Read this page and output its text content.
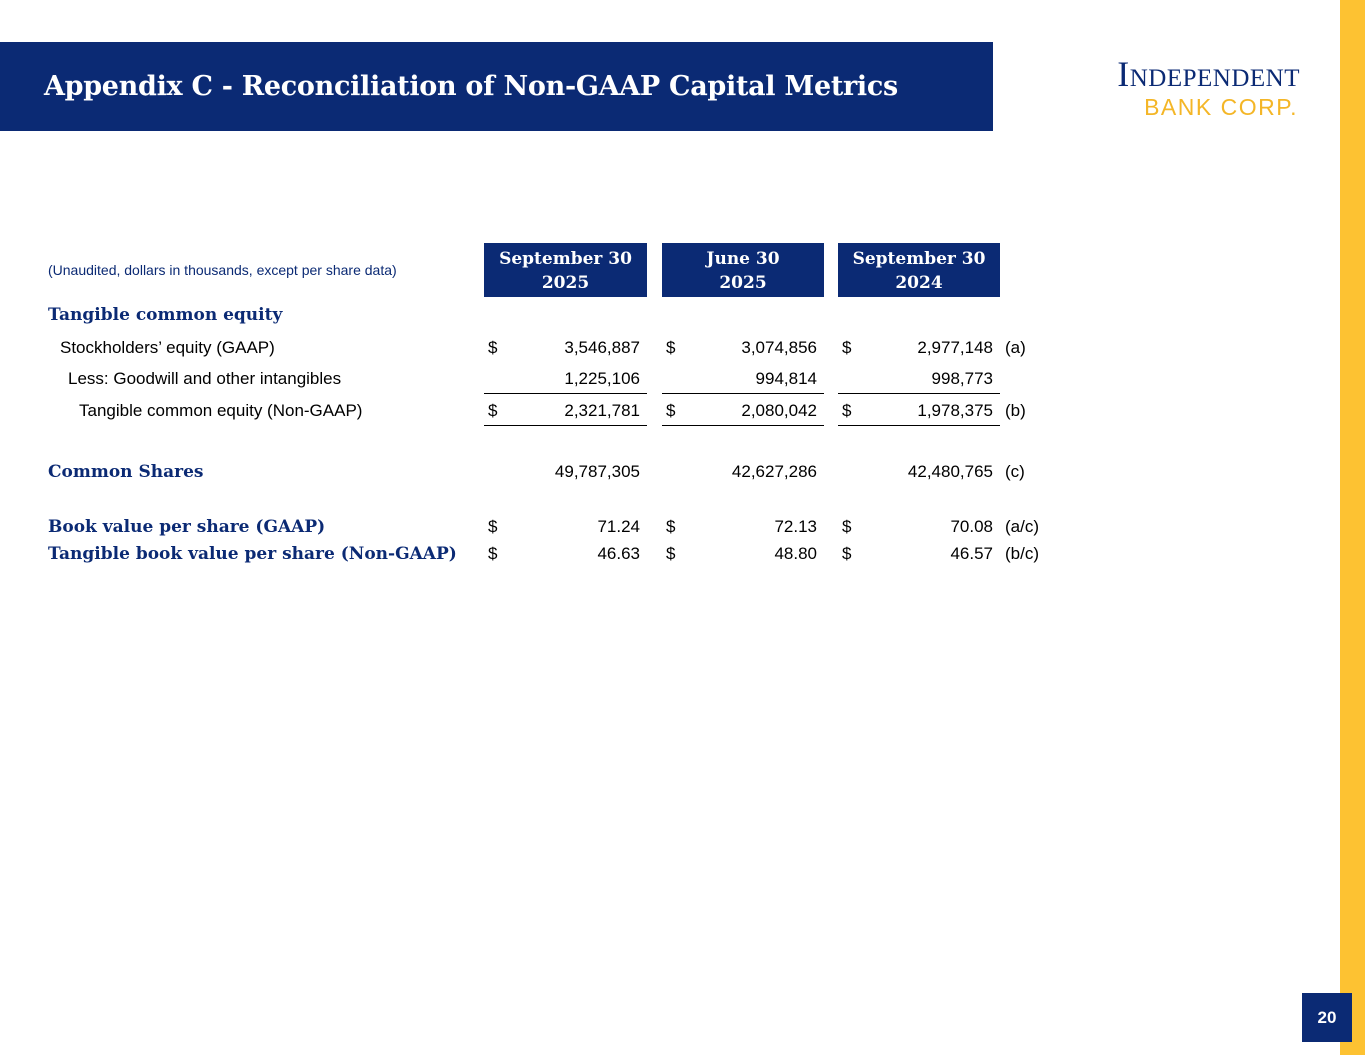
Appendix C - Reconciliation of Non-GAAP Capital Metrics	Independent
BANK CORP.
20
(Unaudited, dollars in thousands, except per share data)
September 30
2025
June 30
2025
September 30
2024
Tangible common equity
Stockholders’ equity (GAAP)	$	3,546,887 $	3,074,856 $	2,977,148 (a)
Less: Goodwill and other intangibles	1,225,106	994,814	998,773
Tangible common equity (Non-GAAP)	$	2,321,781 $	2,080,042 $	1,978,375 (b)
Common Shares	49,787,305	42,627,286	42,480,765 (c)
Book value per share (GAAP)	$	71.24 $	72.13 $	70.08 (a/c)
Tangible book value per share (Non-GAAP) $	46.63 $	48.80 $	46.57 (b/c)
